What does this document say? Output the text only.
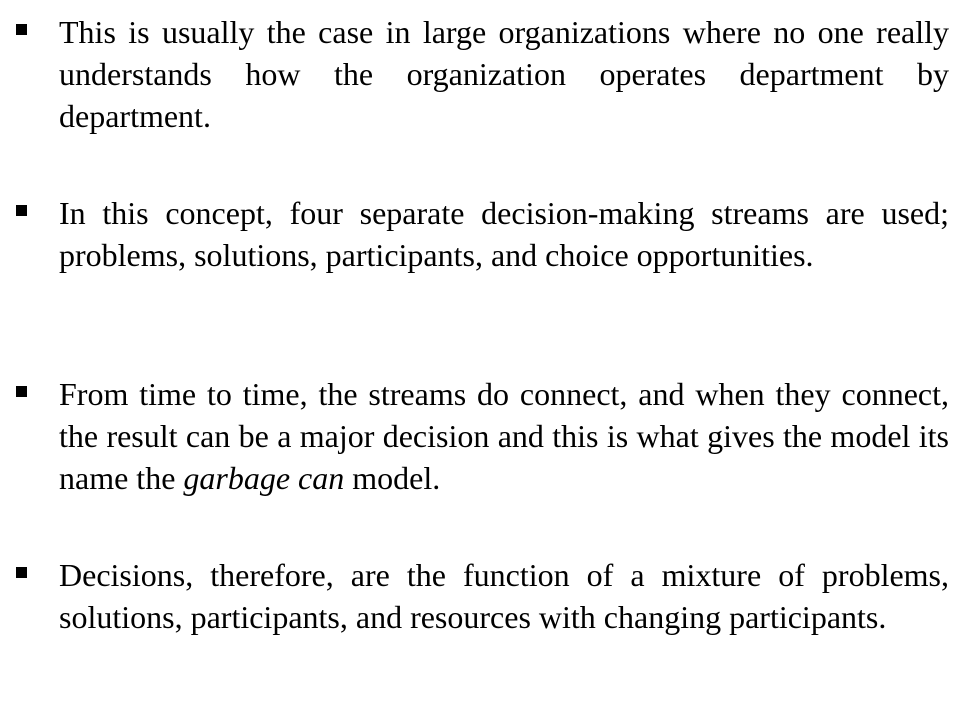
This is usually the case in large organizations where no one really understands how the organization operates department by department.

In this concept, four separate decision-making streams are used; problems, solutions, participants, and choice opportunities.

From time to time, the streams do connect, and when they connect, the result can be a major decision and this is what gives the model its name the garbage can model.

Decisions, therefore, are the function of a mixture of problems, solutions, participants, and resources with changing participants.
